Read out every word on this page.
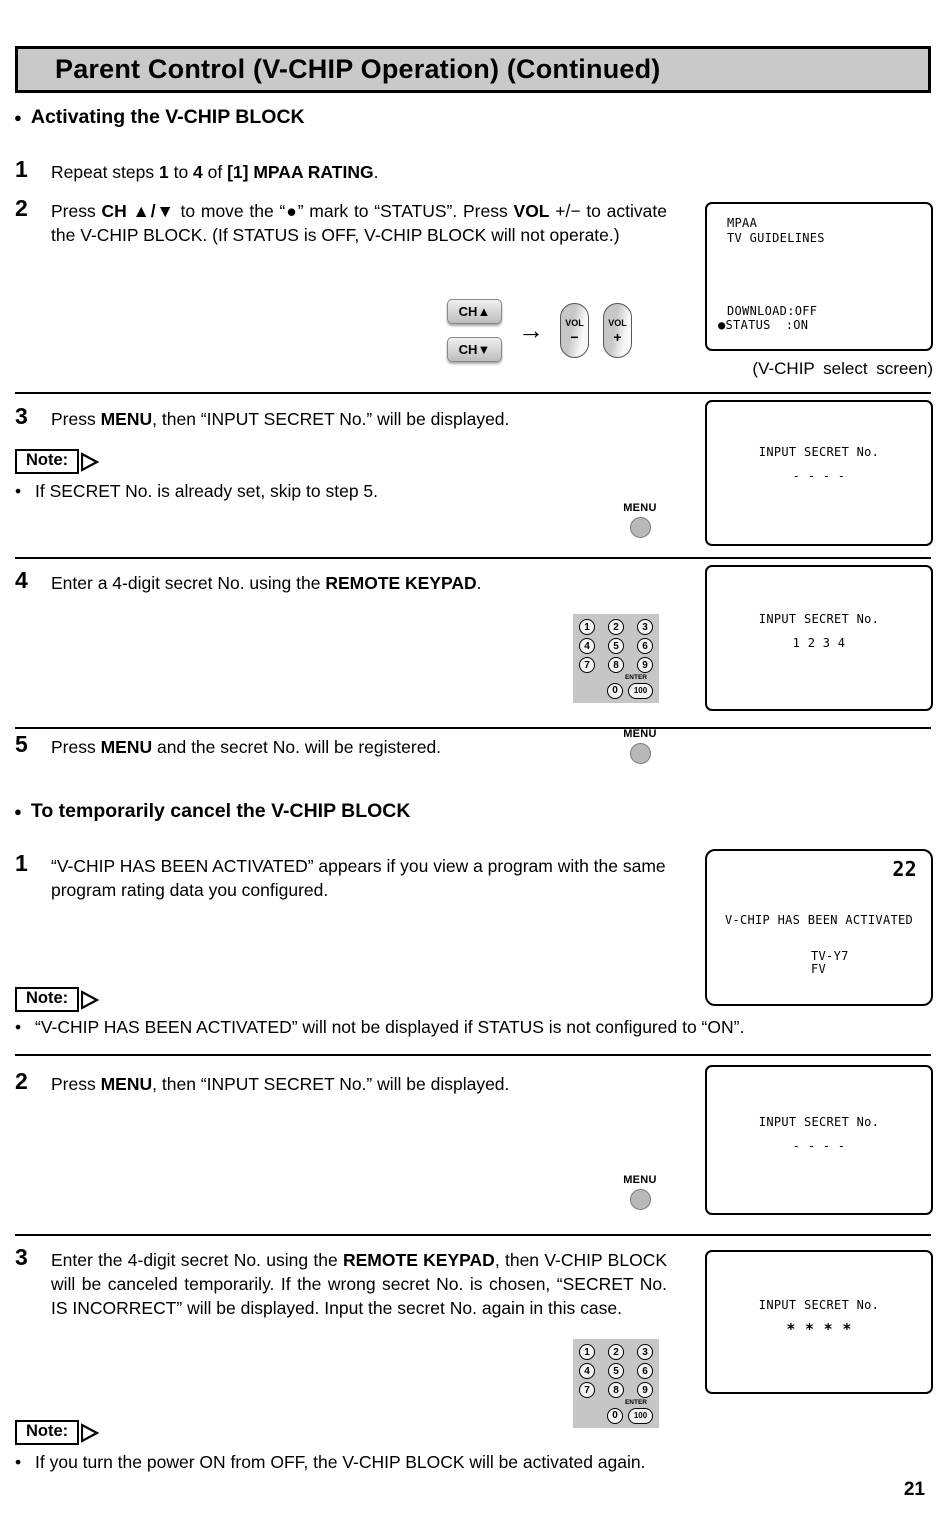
Parent Control (V-CHIP Operation) (Continued)
● Activating the V-CHIP BLOCK
1 Repeat steps 1 to 4 of [1] MPAA RATING.

2 Press CH ▲/▼ to move the “●” mark to “STATUS”. Press VOL +/− to activate the V-CHIP BLOCK. (If STATUS is OFF, V-CHIP BLOCK will not operate.)

CH▲
CH▼
→ VOL
−
VOL
+
MPAA
TV GUIDELINES
DOWNLOAD:OFF
●STATUS  :ON
(V-CHIP select screen)
3 Press MENU, then “INPUT SECRET No.” will be displayed.

Note:

• If SECRET No. is already set, skip to step 5.

MENU
INPUT SECRET No.
- - - -
4 Enter a 4-digit secret No. using the REMOTE KEYPAD.

1	2	3
4	5	6
7	8	9
ENTER
0	100
INPUT SECRET No.
1 2 3 4
5 Press MENU and the secret No. will be registered.

MENU
● To temporarily cancel the V-CHIP BLOCK
1 “V-CHIP HAS BEEN ACTIVATED” appears if you view a program with the same program rating data you configured.

22
V-CHIP HAS BEEN ACTIVATED
TV-Y7
FV
Note:

• “V-CHIP HAS BEEN ACTIVATED” will not be displayed if STATUS is not configured to “ON”.

2 Press MENU, then “INPUT SECRET No.” will be displayed.

MENU
INPUT SECRET No.
- - - -
3 Enter the 4-digit secret No. using the REMOTE KEYPAD, then V-CHIP BLOCK will be canceled temporarily. If the wrong secret No. is chosen, “SECRET No. IS INCORRECT” will be displayed. Input the secret No. again in this case.

1	2	3
4	5	6
7	8	9
ENTER
0	100
INPUT SECRET No.
* * * *
Note:

• If you turn the power ON from OFF, the V-CHIP BLOCK will be activated again.

21
